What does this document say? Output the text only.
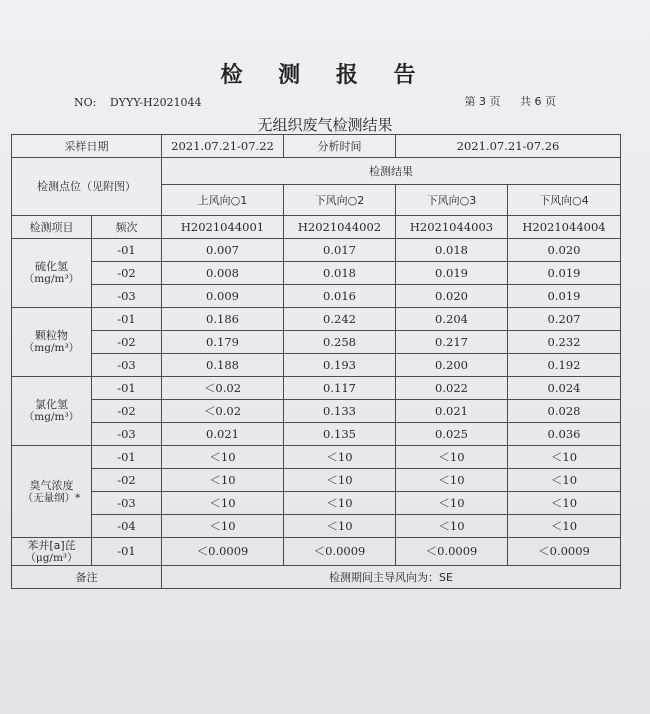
检 测 报 告
NO: DYYY-H2021044	第 3 页 共 6 页
无组织废气检测结果
采样日期		2021.07.21-07.22	分析时间	2021.07.21-07.26	
检测点位（见附图）		检测结果			
		上风向○1	下风向○2	下风向○3	下风向○4
检测项目	频次	H2021044001	H2021044002	H2021044003	H2021044004

硫化氢
（mg/m³）	-01	0.007	0.017	0.018	0.020
	-02	0.008	0.018	0.019	0.019
	-03	0.009	0.016	0.020	0.019

颗粒物
（mg/m³）	-01	0.186	0.242	0.204	0.207
	-02	0.179	0.258	0.217	0.232
	-03	0.188	0.193	0.200	0.192

氯化氢
（mg/m³）	-01	＜0.02	0.117	0.022	0.024
	-02	＜0.02	0.133	0.021	0.028
	-03	0.021	0.135	0.025	0.036

臭气浓度
（无量纲）*	-01	＜10	＜10	＜10	＜10
	-02	＜10	＜10	＜10	＜10
	-03	＜10	＜10	＜10	＜10
	-04	＜10	＜10	＜10	＜10

苯并[a]芘
（μg/m³）	-01	＜0.0009	＜0.0009	＜0.0009	＜0.0009
备注		检测期间主导风向为：SE			
